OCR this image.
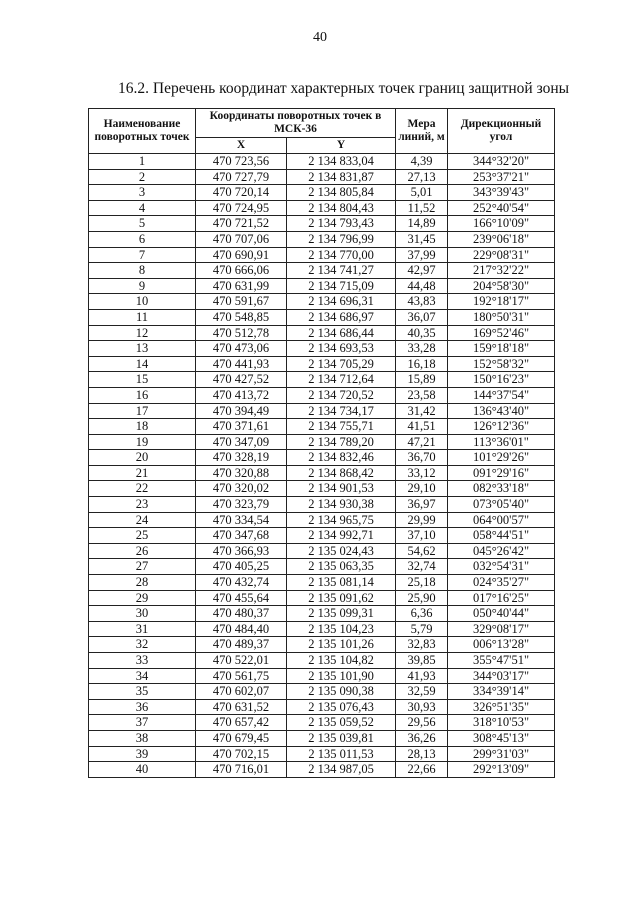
40
16.2. Перечень координат характерных точек границ защитной зоны
Наименование поворотных точек	Координаты поворотных точек в МСК-36		Мера линий, м	Дирекционный угол
	X	Y		
1	470 723,56	2 134 833,04	4,39	344°32'20"
2	470 727,79	2 134 831,87	27,13	253°37'21"
3	470 720,14	2 134 805,84	5,01	343°39'43"
4	470 724,95	2 134 804,43	11,52	252°40'54"
5	470 721,52	2 134 793,43	14,89	166°10'09"
6	470 707,06	2 134 796,99	31,45	239°06'18"
7	470 690,91	2 134 770,00	37,99	229°08'31"
8	470 666,06	2 134 741,27	42,97	217°32'22"
9	470 631,99	2 134 715,09	44,48	204°58'30"
10	470 591,67	2 134 696,31	43,83	192°18'17"
11	470 548,85	2 134 686,97	36,07	180°50'31"
12	470 512,78	2 134 686,44	40,35	169°52'46"
13	470 473,06	2 134 693,53	33,28	159°18'18"
14	470 441,93	2 134 705,29	16,18	152°58'32"
15	470 427,52	2 134 712,64	15,89	150°16'23"
16	470 413,72	2 134 720,52	23,58	144°37'54"
17	470 394,49	2 134 734,17	31,42	136°43'40"
18	470 371,61	2 134 755,71	41,51	126°12'36"
19	470 347,09	2 134 789,20	47,21	113°36'01"
20	470 328,19	2 134 832,46	36,70	101°29'26"
21	470 320,88	2 134 868,42	33,12	091°29'16"
22	470 320,02	2 134 901,53	29,10	082°33'18"
23	470 323,79	2 134 930,38	36,97	073°05'40"
24	470 334,54	2 134 965,75	29,99	064°00'57"
25	470 347,68	2 134 992,71	37,10	058°44'51"
26	470 366,93	2 135 024,43	54,62	045°26'42"
27	470 405,25	2 135 063,35	32,74	032°54'31"
28	470 432,74	2 135 081,14	25,18	024°35'27"
29	470 455,64	2 135 091,62	25,90	017°16'25"
30	470 480,37	2 135 099,31	6,36	050°40'44"
31	470 484,40	2 135 104,23	5,79	329°08'17"
32	470 489,37	2 135 101,26	32,83	006°13'28"
33	470 522,01	2 135 104,82	39,85	355°47'51"
34	470 561,75	2 135 101,90	41,93	344°03'17"
35	470 602,07	2 135 090,38	32,59	334°39'14"
36	470 631,52	2 135 076,43	30,93	326°51'35"
37	470 657,42	2 135 059,52	29,56	318°10'53"
38	470 679,45	2 135 039,81	36,26	308°45'13"
39	470 702,15	2 135 011,53	28,13	299°31'03"
40	470 716,01	2 134 987,05	22,66	292°13'09"
